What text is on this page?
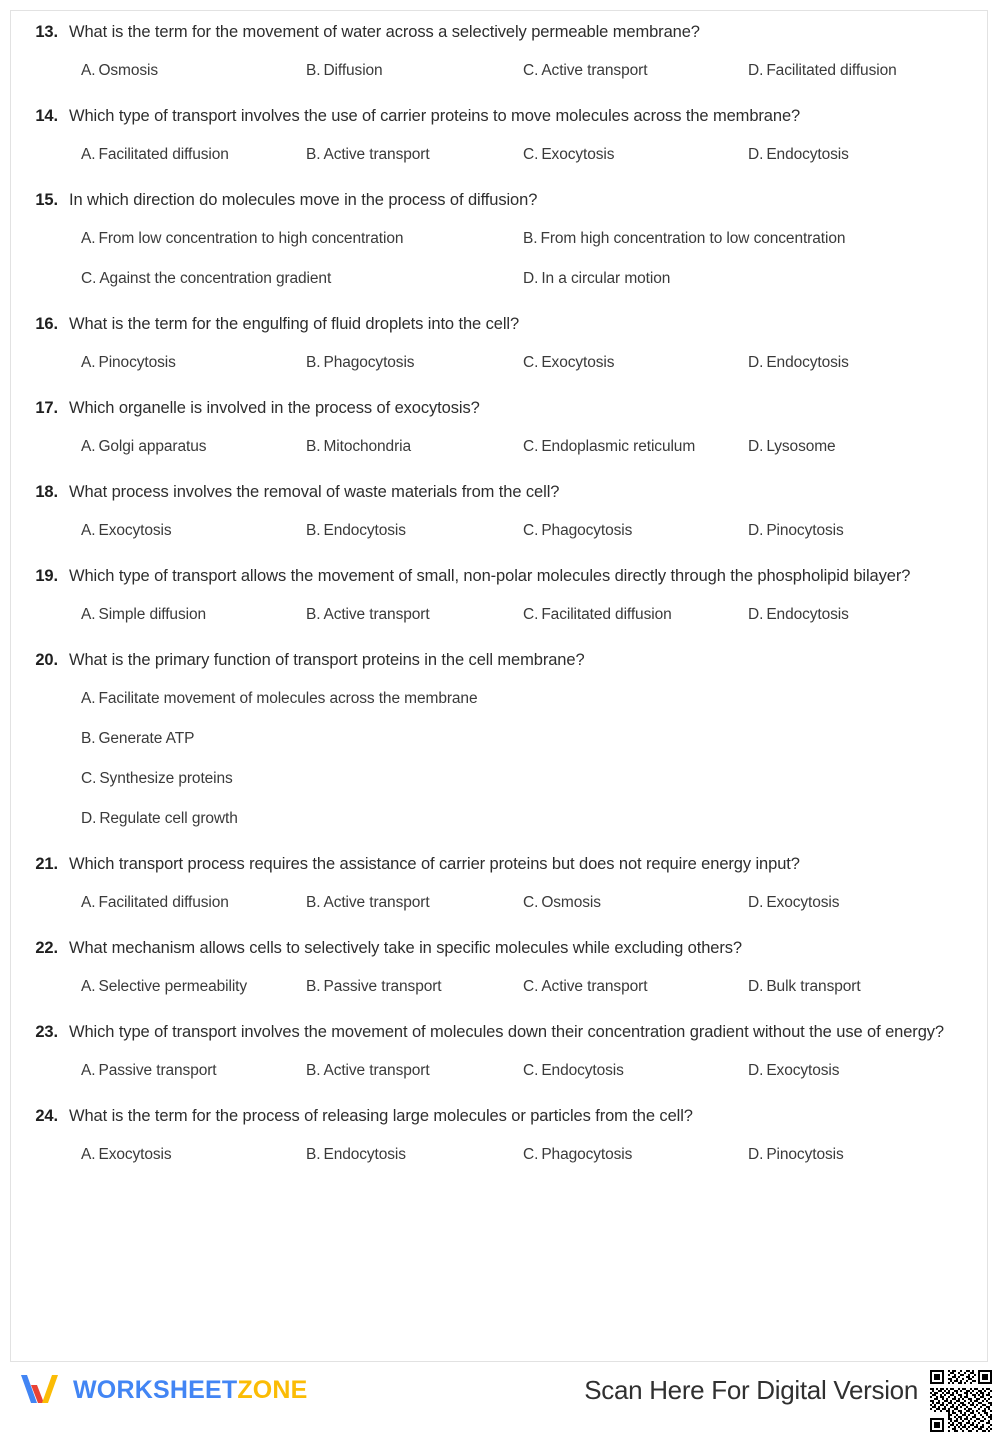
13. What is the term for the movement of water across a selectively permeable membrane?
A. Osmosis	B. Diffusion	C. Active transport	D. Facilitated diffusion
14. Which type of transport involves the use of carrier proteins to move molecules across the membrane?
A. Facilitated diffusion	B. Active transport	C. Exocytosis	D. Endocytosis
15. In which direction do molecules move in the process of diffusion?
A. From low concentration to high concentration	B. From high concentration to low concentration
C. Against the concentration gradient	D. In a circular motion
16. What is the term for the engulfing of fluid droplets into the cell?
A. Pinocytosis	B. Phagocytosis	C. Exocytosis	D. Endocytosis
17. Which organelle is involved in the process of exocytosis?
A. Golgi apparatus	B. Mitochondria	C. Endoplasmic reticulum	D. Lysosome
18. What process involves the removal of waste materials from the cell?
A. Exocytosis	B. Endocytosis	C. Phagocytosis	D. Pinocytosis
19. Which type of transport allows the movement of small, non-polar molecules directly through the phospholipid bilayer?
A. Simple diffusion	B. Active transport	C. Facilitated diffusion	D. Endocytosis
20. What is the primary function of transport proteins in the cell membrane?
A. Facilitate movement of molecules across the membrane
B. Generate ATP
C. Synthesize proteins
D. Regulate cell growth
21. Which transport process requires the assistance of carrier proteins but does not require energy input?
A. Facilitated diffusion	B. Active transport	C. Osmosis	D. Exocytosis
22. What mechanism allows cells to selectively take in specific molecules while excluding others?
A. Selective permeability	B. Passive transport	C. Active transport	D. Bulk transport
23. Which type of transport involves the movement of molecules down their concentration gradient without the use of energy?
A. Passive transport	B. Active transport	C. Endocytosis	D. Exocytosis
24. What is the term for the process of releasing large molecules or particles from the cell?
A. Exocytosis	B. Endocytosis	C. Phagocytosis	D. Pinocytosis
WORKSHEETZONE	Scan Here For Digital Version
